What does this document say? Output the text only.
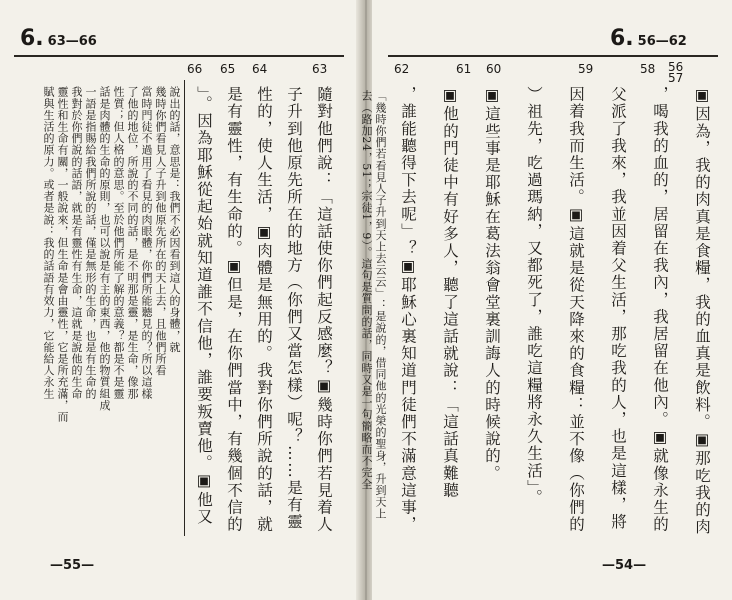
6. 63—66
66 65 64	63
說出的話，意思是：我們不必因看到這人的身體，就
幾時你們看見人子升到他原先所在的天上去，且他們所看
當時門徒不過用了看見的肉眼體，你們所能聽見的？所以這樣
了他的地位，所說的不同的話，是不明那是靈，是生命，像那
性質；但人格的意思。至於他們所能了解的意義？都是不是靈
話是肉體的生命的原則，也可以說是有主的東西，他的物質組成
一語是指賜給我們所說的話，僅是無形的生命，也是有生命的
我對於你們說的話語，就是有靈性有生命，這就是說他的生命
靈性和生命有關，一般說來，但生命是會由靈性，它是所充滿，而
賦與生活的原力。或者是說：我的話語有效力，它能給人永生	隨對他們說：「這話使你們起反感麼？▣幾時你們若見着人
子升到他原先所在的地方（你們又當怎樣）呢？……是有靈
性的，使人生活，▣肉體是無用的。我對你們所說的話，就
是有靈性，有生命的。▣但是，在你們當中，有幾個不信的
」。因為耶穌從起始就知道誰不信他，誰要叛賣他。▣他又
—55—
6. 56—62
62	61 60	59	58 56 57
「幾時你們若看見人子升到天上去云云」：是說的，借同他的光榮的聖身，升到天上
去（路加24，51；宗徒1，9）。這句是質問的話，同時又是一句簡略而不完全 ，誰能聽得下去呢」？▣耶穌心裏知道門徒們不滿意這事， ▣他的門徒中有好多人，聽了這話就說：「這話真難聽 ▣這些事是耶穌在葛法翁會堂裏訓誨人的時候說的。 ）祖先，吃過瑪納，又都死了，誰吃這糧將永久生活」。 因着我而生活。▣這就是從天降來的食糧：並不像（你們的 父派了我來，我並因着父生活，那吃我的人，也是這樣，將 ，喝我的血的，居留在我內，我居留在他內。▣就像永生的 ▣因為，我的肉真是食糧，我的血真是飲料。▣那吃我的肉
—54—
